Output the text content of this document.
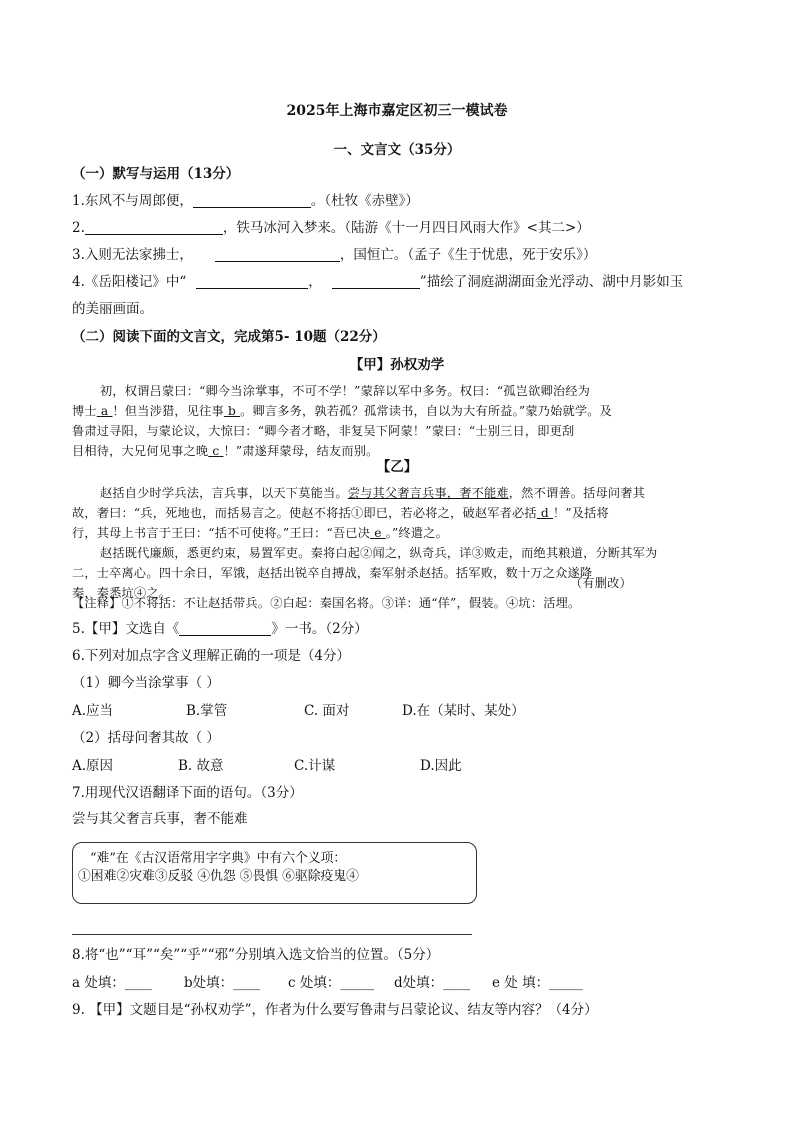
2025年上海市嘉定区初三一模试卷
一、文言文（35分）
（一）默写与运用（13分）
1.东风不与周郎便，	。（杜牧《赤壁》）
2.	，铁马冰河入梦来。（陆游《十一月四日风雨大作》<其二>）
3.入则无法家拂士，	，国恒亡。（孟子《生于忧患，死于安乐》）
4.《岳阳楼记》中“	，	”描绘了洞庭湖湖面金光浮动、湖中月影如玉
的美丽画面。
（二）阅读下面的文言文，完成第5- 10题（22分）
【甲】孙权劝学
初，权谓吕蒙曰：“卿今当涂掌事，不可不学！”蒙辞以军中多务。权曰：“孤岂欲卿治经为
博士 a ！但当涉猎，见往事 b 。卿言多务，孰若孤？孤常读书，自以为大有所益。”蒙乃始就学。及
鲁肃过寻阳，与蒙论议，大惊曰：“卿今者才略，非复吴下阿蒙！”蒙曰：“士别三日，即更刮
目相待，大兄何见事之晚 c ！”肃遂拜蒙母，结友而别。
【乙】
赵括自少时学兵法，言兵事，以天下莫能当。尝与其父奢言兵事，奢不能难，然不谓善。括母问奢其
故，奢曰：“兵，死地也，而括易言之。使赵不将括①即已，若必将之，破赵军者必括 d ！”及括将
行，其母上书言于王曰：“括不可使将。”王曰：“吾已决 e 。”终遣之。
赵括既代廉颇，悉更约束，易置军吏。秦将白起②闻之，纵奇兵，详③败走，而绝其粮道，分断其军为
二，士卒离心。四十余日，军饿，赵括出锐卒自搏战，秦军射杀赵括。括军败，数十万之众遂降
秦，秦悉坑④之。
（有删改）
【注释】①不将括：不让赵括带兵。②白起：秦国名将。③详：通“佯”，假装。④坑：活埋。
5.【甲】文选自《	》一书。（2分）
6.下列对加点字含义理解正确的一项是（4分）
（1）卿今当涂掌事（ ）
A.应当	B.掌管	C. 面对	D.在（某时、某处）
（2）括母问奢其故（ ）
A.原因	B. 故意	C.计谋	D.因此
7.用现代汉语翻译下面的语句。（3分）
尝与其父奢言兵事，奢不能难
“难”在《古汉语常用字字典》中有六个义项：
①困难②灾难③反驳 ④仇怨 ⑤畏惧 ⑥驱除疫鬼④
8.将“也”“耳”“矣”“乎”“邪”分别填入选文恰当的位置。（5分）
a 处填：____ b处填：____ c 处填：_____ d处填：____ e 处 填：_____
9. 【甲】文题目是“孙权劝学”，作者为什么要写鲁肃与吕蒙论议、结友等内容？（4分）
